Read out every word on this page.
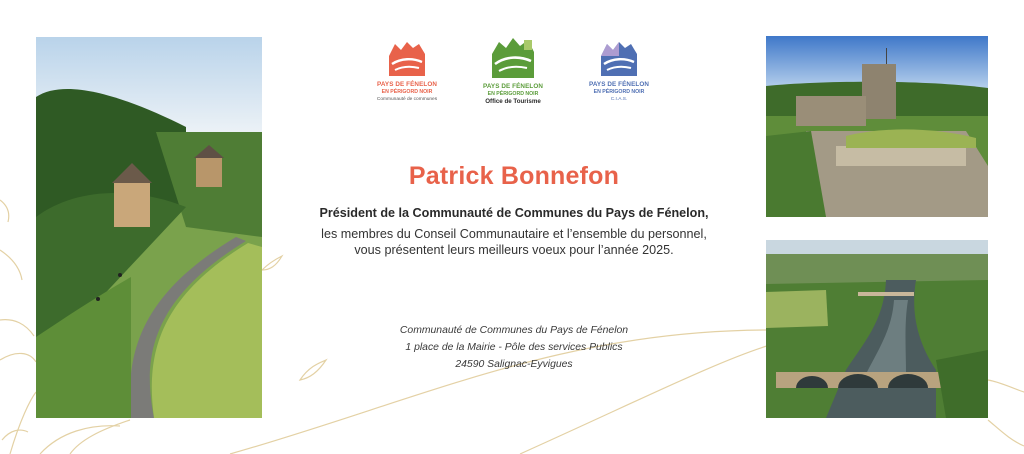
PAYS DE FÉNELON
EN PÉRIGORD NOIR
Communauté de communes
PAYS DE FÉNELON
EN PÉRIGORD NOIR
Office de Tourisme
PAYS DE FÉNELON
EN PÉRIGORD NOIR
C.I.A.S.
Patrick Bonnefon
Président de la Communauté de Communes du Pays de Fénelon,
les membres du Conseil Communautaire et l’ensemble du personnel,
vous présentent leurs meilleurs voeux pour l’année 2025.
Communauté de Communes du Pays de Fénelon
1 place de la Mairie - Pôle des services Publics
24590 Salignac-Eyvigues
